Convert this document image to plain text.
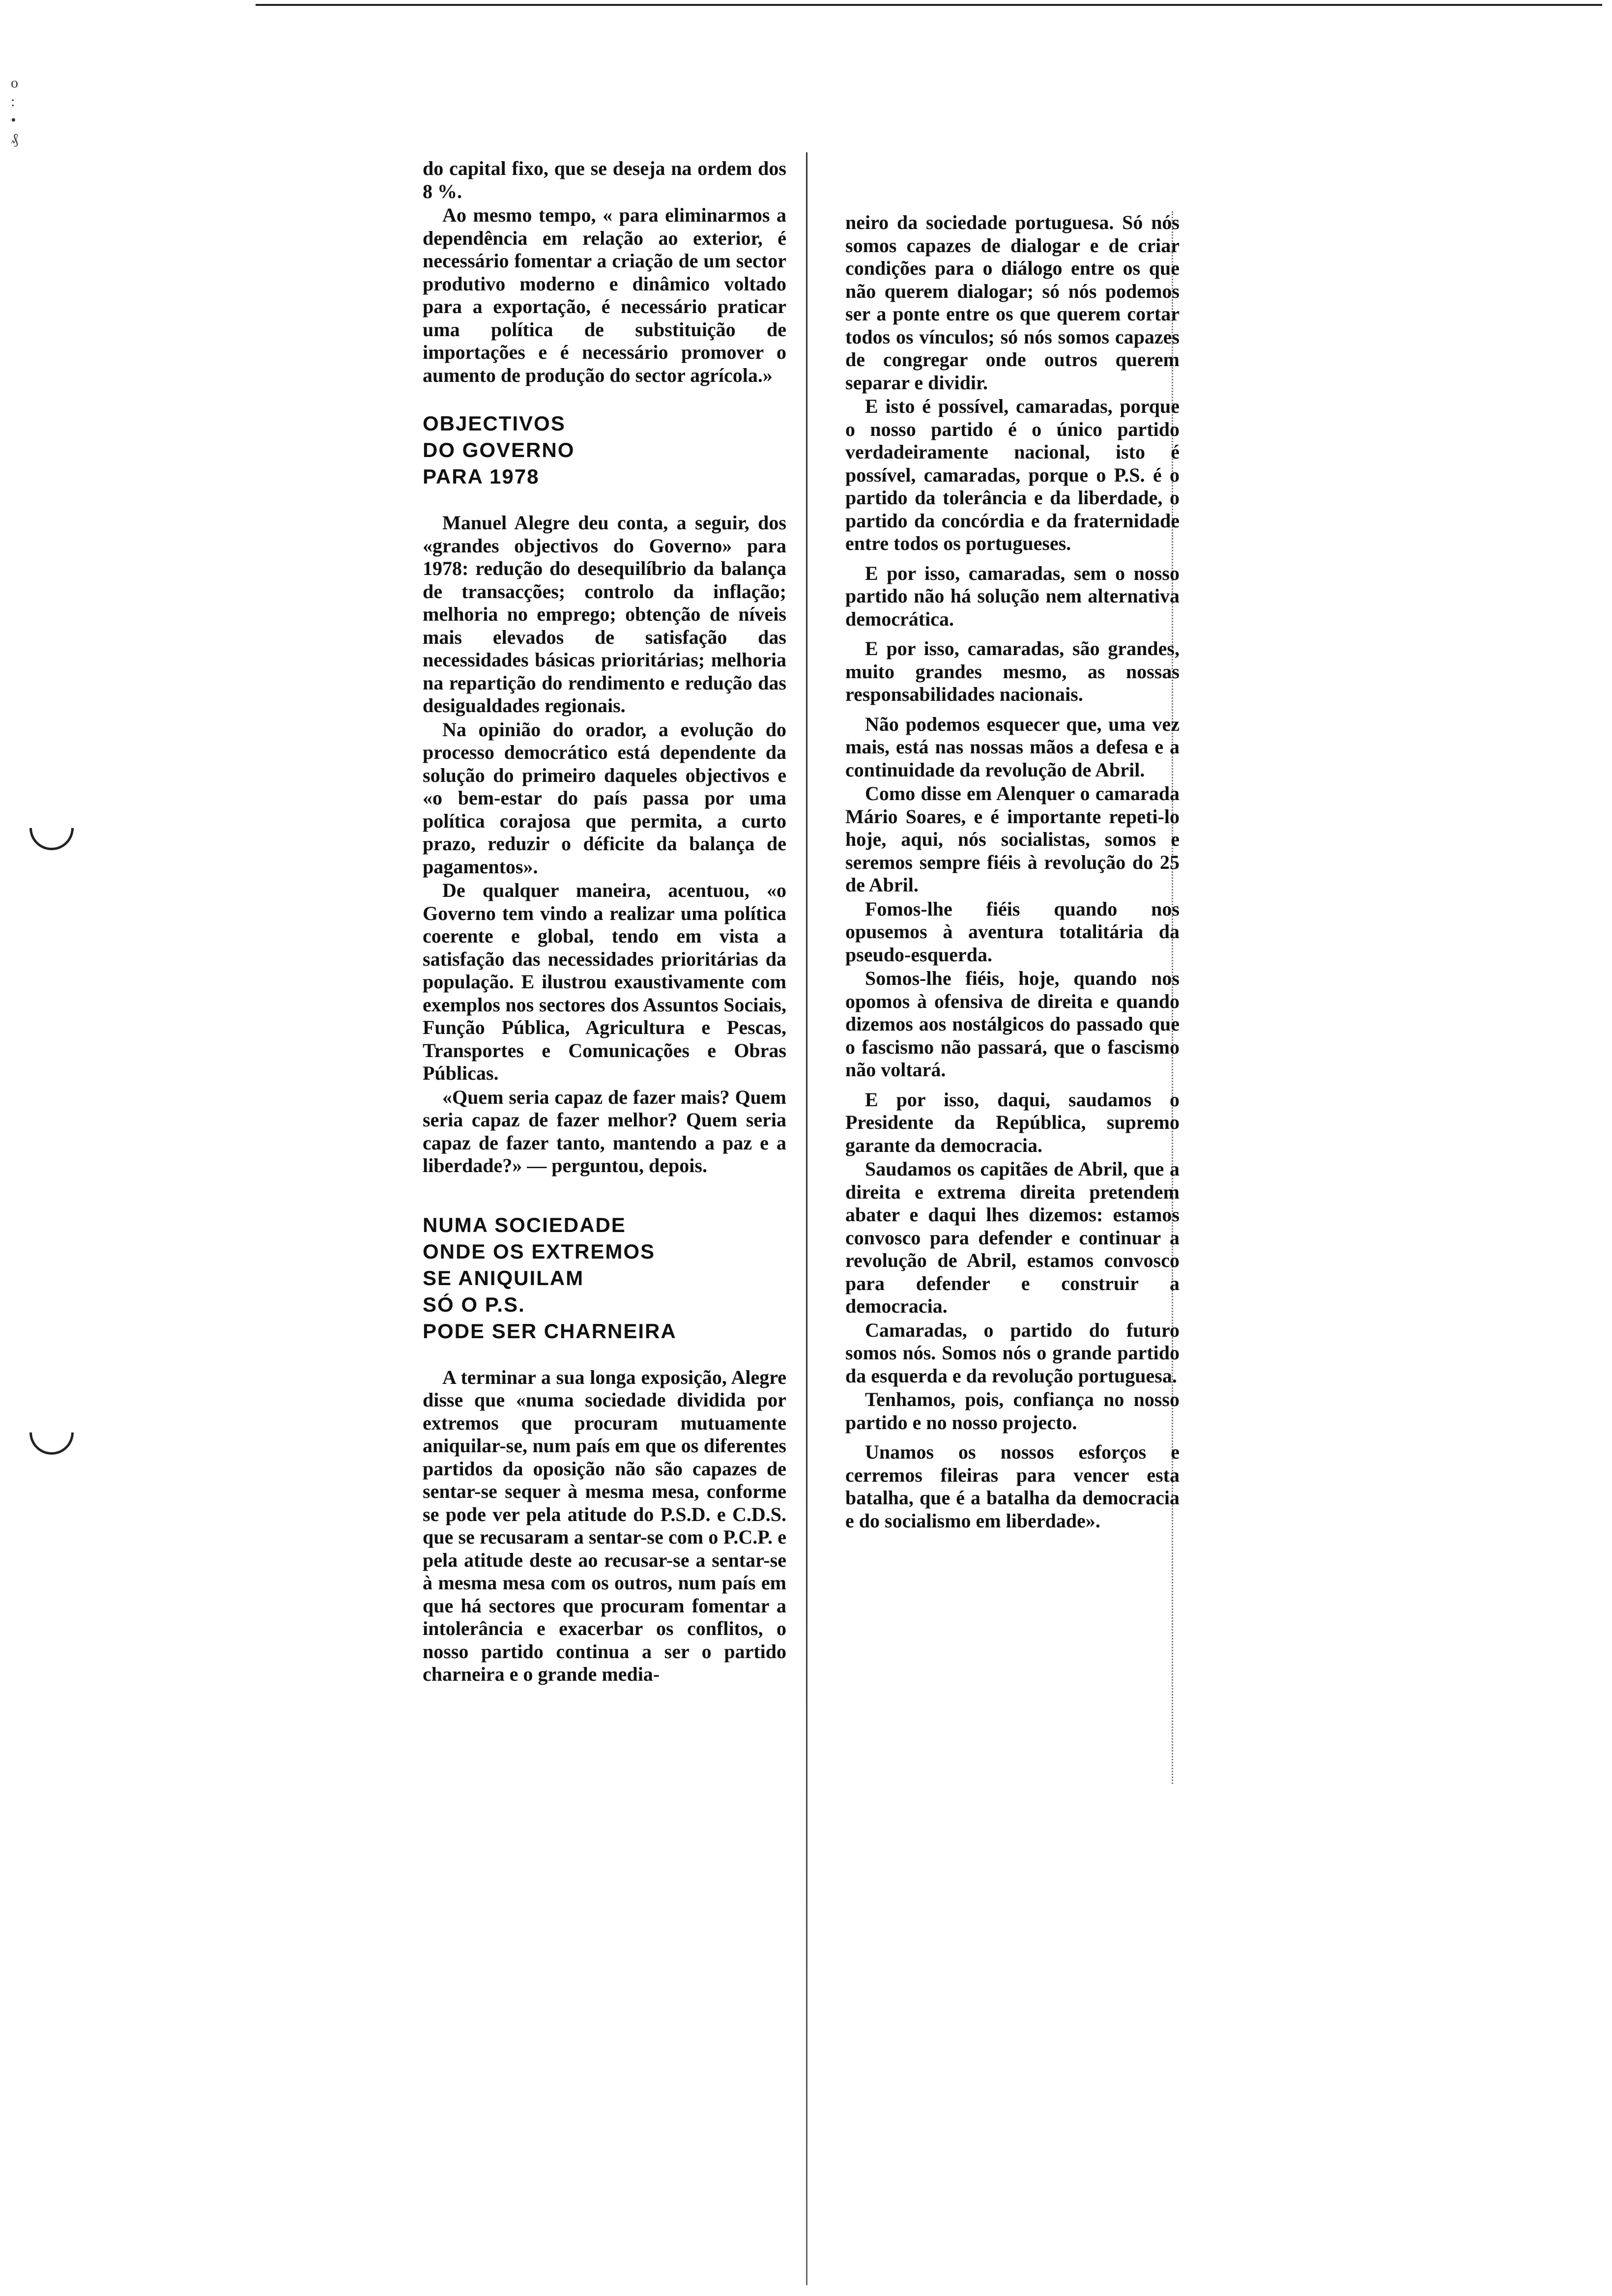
o
:
•
₰

do capital fixo, que se deseja na ordem dos 8 %.

Ao mesmo tempo, « para eliminarmos a dependência em relação ao exterior, é necessário fomentar a criação de um sector produtivo moderno e dinâmico voltado para a exportação, é necessário praticar uma política de substituição de importações e é necessário promover o aumento de produção do sector agrícola.»

OBJECTIVOS
DO GOVERNO
PARA 1978

Manuel Alegre deu conta, a seguir, dos «grandes objectivos do Governo» para 1978: redução do desequilíbrio da balança de transacções; controlo da inflação; melhoria no emprego; obtenção de níveis mais elevados de satisfação das necessidades básicas prioritárias; melhoria na repartição do rendimento e redução das desigualdades regionais.

Na opinião do orador, a evolução do processo democrático está dependente da solução do primeiro daqueles objectivos e «o bem-estar do país passa por uma política corajosa que permita, a curto prazo, reduzir o déficite da balança de pagamentos».

De qualquer maneira, acentuou, «o Governo tem vindo a realizar uma política coerente e global, tendo em vista a satisfação das necessidades prioritárias da população. E ilustrou exaustivamente com exemplos nos sectores dos Assuntos Sociais, Função Pública, Agricultura e Pescas, Transportes e Comunicações e Obras Públicas.

«Quem seria capaz de fazer mais? Quem seria capaz de fazer melhor? Quem seria capaz de fazer tanto, mantendo a paz e a liberdade?» — perguntou, depois.

NUMA SOCIEDADE
ONDE OS EXTREMOS
SE ANIQUILAM
SÓ O P.S.
PODE SER CHARNEIRA

A terminar a sua longa exposição, Alegre disse que «numa sociedade dividida por extremos que procuram mutuamente aniquilar-se, num país em que os diferentes partidos da oposição não são capazes de sentar-se sequer à mesma mesa, conforme se pode ver pela atitude do P.S.D. e C.D.S. que se recusaram a sentar-se com o P.C.P. e pela atitude deste ao recusar-se a sentar-se à mesma mesa com os outros, num país em que há sectores que procuram fomentar a intolerância e exacerbar os conflitos, o nosso partido continua a ser o partido charneira e o grande media-

neiro da sociedade portuguesa. Só nós somos capazes de dialogar e de criar condições para o diálogo entre os que não querem dialogar; só nós podemos ser a ponte entre os que querem cortar todos os vínculos; só nós somos capazes de congregar onde outros querem separar e dividir.

E isto é possível, camaradas, porque o nosso partido é o único partido verdadeiramente nacional, isto é possível, camaradas, porque o P.S. é o partido da tolerância e da liberdade, o partido da concórdia e da fraternidade entre todos os portugueses.

E por isso, camaradas, sem o nosso partido não há solução nem alternativa democrática.

E por isso, camaradas, são grandes, muito grandes mesmo, as nossas responsabilidades nacionais.

Não podemos esquecer que, uma vez mais, está nas nossas mãos a defesa e a continuidade da revolução de Abril.

Como disse em Alenquer o camarada Mário Soares, e é importante repeti-lo hoje, aqui, nós socialistas, somos e seremos sempre fiéis à revolução do 25 de Abril.

Fomos-lhe fiéis quando nos opusemos à aventura totalitária da pseudo-esquerda.

Somos-lhe fiéis, hoje, quando nos opomos à ofensiva de direita e quando dizemos aos nostálgicos do passado que o fascismo não passará, que o fascismo não voltará.

E por isso, daqui, saudamos o Presidente da República, supremo garante da democracia.

Saudamos os capitães de Abril, que a direita e extrema direita pretendem abater e daqui lhes dizemos: estamos convosco para defender e continuar a revolução de Abril, estamos convosco para defender e construir a democracia.

Camaradas, o partido do futuro somos nós. Somos nós o grande partido da esquerda e da revolução portuguesa.

Tenhamos, pois, confiança no nosso partido e no nosso projecto.

Unamos os nossos esforços e cerremos fileiras para vencer esta batalha, que é a batalha da democracia e do socialismo em liberdade».
